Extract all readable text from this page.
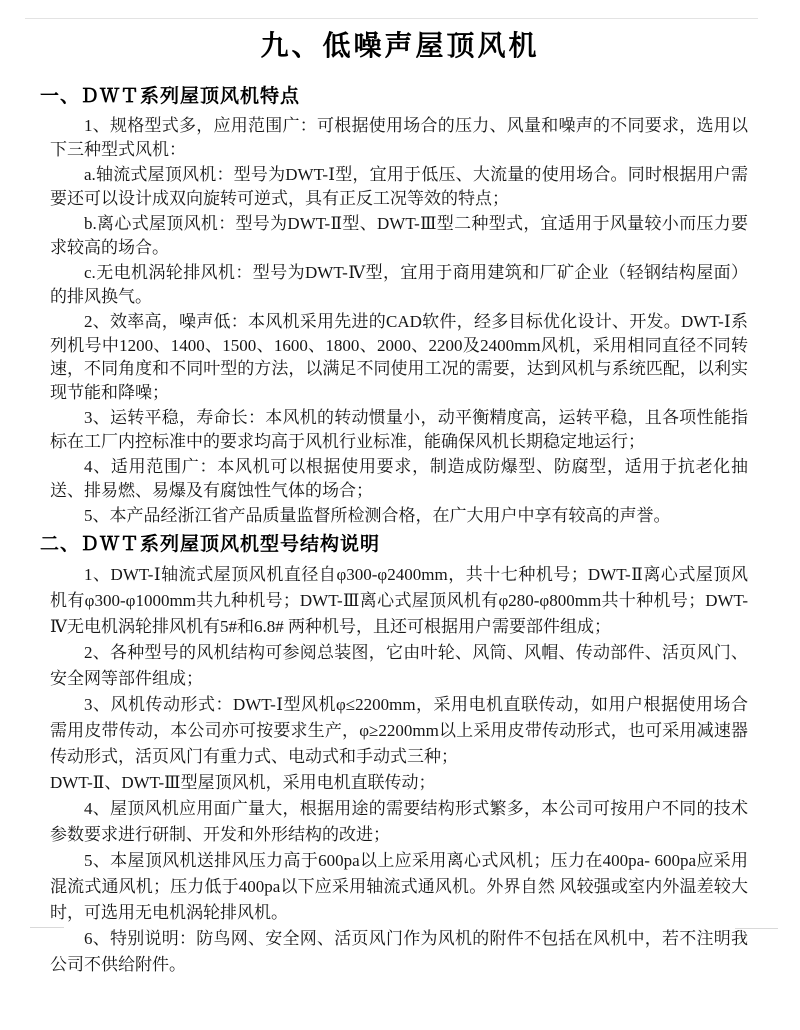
九、低噪声屋顶风机
一、ＤＷＴ系列屋顶风机特点

1、规格型式多，应用范围广：可根据使用场合的压力、风量和噪声的不同要求，选用以下三种型式风机：

a.轴流式屋顶风机：型号为DWT-Ⅰ型，宜用于低压、大流量的使用场合。同时根据用户需要还可以设计成双向旋转可逆式，具有正反工况等效的特点；

b.离心式屋顶风机：型号为DWT-Ⅱ型、DWT-Ⅲ型二种型式，宜适用于风量较小而压力要求较高的场合。

c.无电机涡轮排风机：型号为DWT-Ⅳ型，宜用于商用建筑和厂矿企业（轻钢结构屋面）的排风换气。

2、效率高，噪声低：本风机采用先进的CAD软件，经多目标优化设计、开发。DWT-Ⅰ系列机号中1200、1400、1500、1600、1800、2000、2200及2400mm风机，采用相同直径不同转速，不同角度和不同叶型的方法，以满足不同使用工况的需要，达到风机与系统匹配，以利实现节能和降噪；

3、运转平稳，寿命长：本风机的转动惯量小，动平衡精度高，运转平稳，且各项性能指标在工厂内控标准中的要求均高于风机行业标准，能确保风机长期稳定地运行；

4、适用范围广：本风机可以根据使用要求，制造成防爆型、防腐型，适用于抗老化抽送、排易燃、易爆及有腐蚀性气体的场合；

5、本产品经浙江省产品质量监督所检测合格，在广大用户中享有较高的声誉。

二、ＤＷＴ系列屋顶风机型号结构说明

1、DWT-Ⅰ轴流式屋顶风机直径自φ300-φ2400mm，共十七种机号；DWT-Ⅱ离心式屋顶风机有φ300-φ1000mm共九种机号；DWT-Ⅲ离心式屋顶风机有φ280-φ800mm共十种机号；DWT-Ⅳ无电机涡轮排风机有5#和6.8# 两种机号，且还可根据用户需要部件组成；

2、各种型号的风机结构可参阅总装图，它由叶轮、风筒、风帽、传动部件、活页风门、安全网等部件组成；

3、风机传动形式：DWT-Ⅰ型风机φ≤2200mm，采用电机直联传动，如用户根据使用场合需用皮带传动，本公司亦可按要求生产，φ≥2200mm以上采用皮带传动形式，也可采用减速器传动形式，活页风门有重力式、电动式和手动式三种；

DWT-Ⅱ、DWT-Ⅲ型屋顶风机，采用电机直联传动；

4、屋顶风机应用面广量大，根据用途的需要结构形式繁多，本公司可按用户不同的技术参数要求进行研制、开发和外形结构的改进；

5、本屋顶风机送排风压力高于600pa以上应采用离心式风机；压力在400pa- 600pa应采用混流式通风机；压力低于400pa以下应采用轴流式通风机。外界自然 风较强或室内外温差较大时，可选用无电机涡轮排风机。

6、特别说明：防鸟网、安全网、活页风门作为风机的附件不包括在风机中，若不注明我公司不供给附件。
